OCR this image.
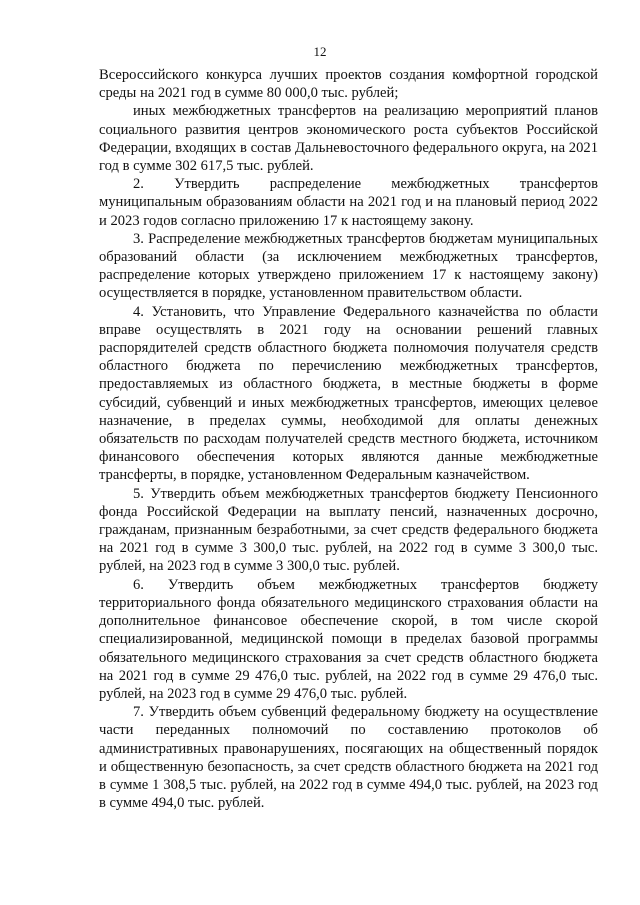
12

Всероссийского конкурса лучших проектов создания комфортной городской среды на 2021 год в сумме 80 000,0 тыс. рублей;

иных межбюджетных трансфертов на реализацию мероприятий планов социального развития центров экономического роста субъектов Российской Федерации, входящих в состав Дальневосточного федерального округа, на 2021 год в сумме 302 617,5 тыс. рублей.

2. Утвердить распределение межбюджетных трансфертов муниципальным образованиям области на 2021 год и на плановый период 2022 и 2023 годов согласно приложению 17 к настоящему закону.

3. Распределение межбюджетных трансфертов бюджетам муниципальных образований области (за исключением межбюджетных трансфертов, распределение которых утверждено приложением 17 к настоящему закону) осуществляется в порядке, установленном правительством области.

4. Установить, что Управление Федерального казначейства по области вправе осуществлять в 2021 году на основании решений главных распорядителей средств областного бюджета полномочия получателя средств областного бюджета по перечислению межбюджетных трансфертов, предоставляемых из областного бюджета, в местные бюджеты в форме субсидий, субвенций и иных межбюджетных трансфертов, имеющих целевое назначение, в пределах суммы, необходимой для оплаты денежных обязательств по расходам получателей средств местного бюджета, источником финансового обеспечения которых являются данные межбюджетные трансферты, в порядке, установленном Федеральным казначейством.

5. Утвердить объем межбюджетных трансфертов бюджету Пенсионного фонда Российской Федерации на выплату пенсий, назначенных досрочно, гражданам, признанным безработными, за счет средств федерального бюджета на 2021 год в сумме 3 300,0 тыс. рублей, на 2022 год в сумме 3 300,0 тыс. рублей, на 2023 год в сумме 3 300,0 тыс. рублей.

6. Утвердить объем межбюджетных трансфертов бюджету территориального фонда обязательного медицинского страхования области на дополнительное финансовое обеспечение скорой, в том числе скорой специализированной, медицинской помощи в пределах базовой программы обязательного медицинского страхования за счет средств областного бюджета на 2021 год в сумме 29 476,0 тыс. рублей, на 2022 год в сумме 29 476,0 тыс. рублей, на 2023 год в сумме 29 476,0 тыс. рублей.

7. Утвердить объем субвенций федеральному бюджету на осуществление части переданных полномочий по составлению протоколов об административных правонарушениях, посягающих на общественный порядок и общественную безопасность, за счет средств областного бюджета на 2021 год в сумме 1 308,5 тыс. рублей, на 2022 год в сумме 494,0 тыс. рублей, на 2023 год в сумме 494,0 тыс. рублей.
